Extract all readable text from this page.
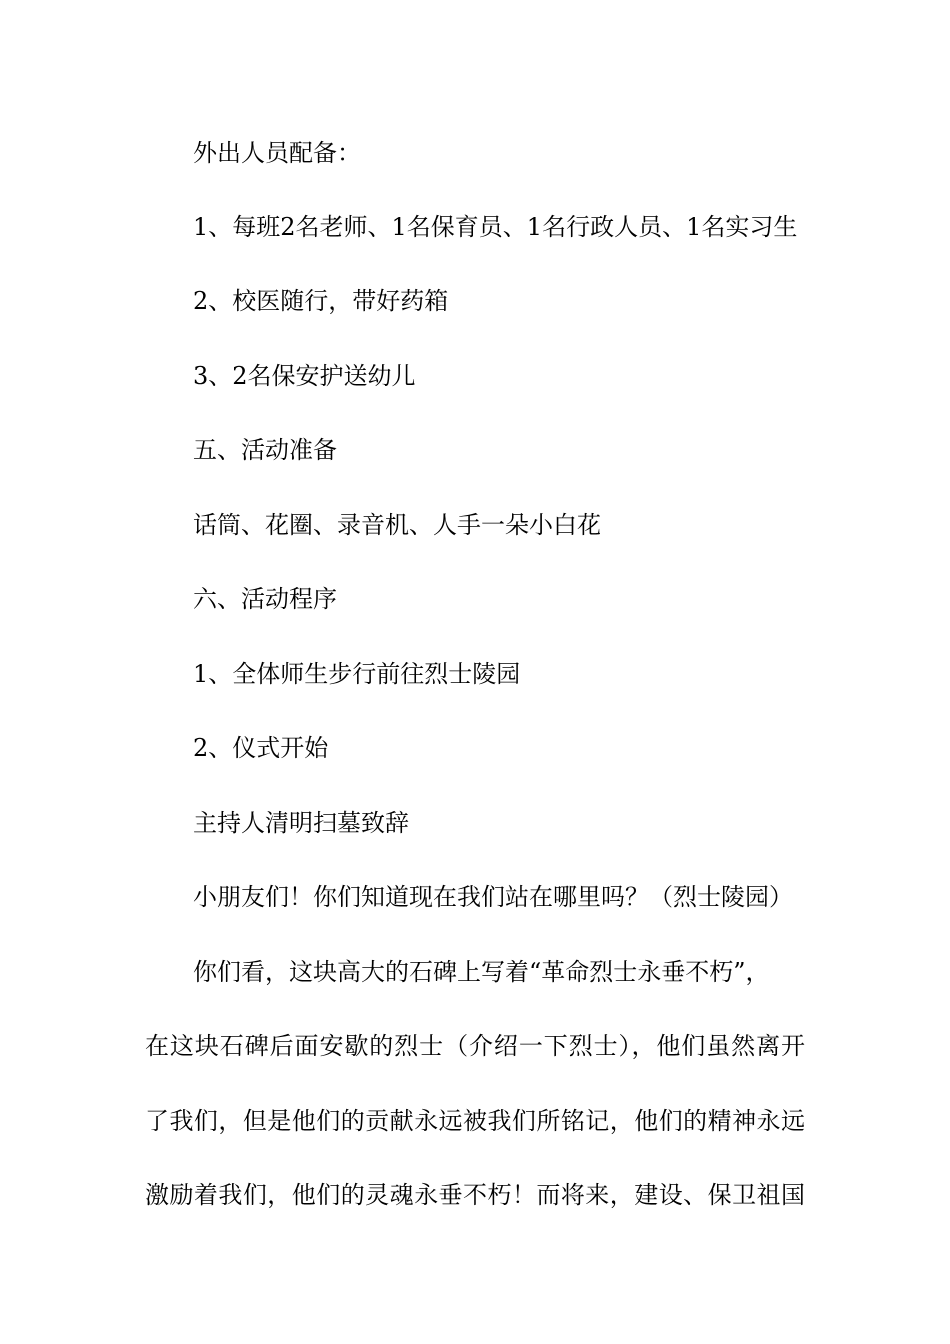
外出人员配备：

1、每班2名老师、1名保育员、1名行政人员、1名实习生

2、校医随行，带好药箱

3、2名保安护送幼儿

五、活动准备

话筒、花圈、录音机、人手一朵小白花

六、活动程序

1、全体师生步行前往烈士陵园

2、仪式开始

主持人清明扫墓致辞

小朋友们！你们知道现在我们站在哪里吗？（烈士陵园）

你们看，这块高大的石碑上写着“革命烈士永垂不朽”，

在这块石碑后面安歇的烈士（介绍一下烈士），他们虽然离开

了我们，但是他们的贡献永远被我们所铭记，他们的精神永远

激励着我们，他们的灵魂永垂不朽！而将来，建设、保卫祖国
